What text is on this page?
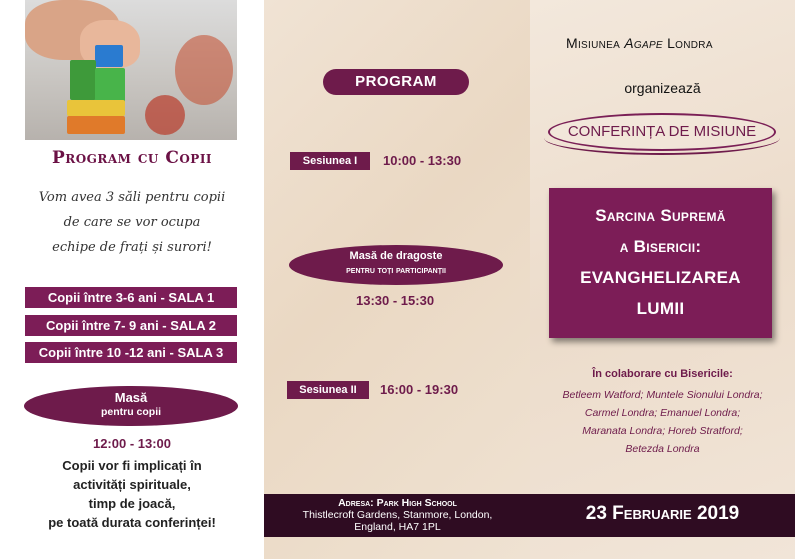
Program cu Copii
Vom avea 3 săli pentru copii
de care se vor ocupa
echipe de frați și surori!
Copii între 3-6 ani - SALA 1
Copii între 7- 9 ani - SALA 2
Copii între 10 -12 ani - SALA 3
Masă
pentru copii
12:00 - 13:00
Copii vor fi implicați în
activități spirituale,
timp de joacă,
pe toată durata conferinței!
PROGRAM
Sesiunea I	10:00 - 13:30
Masă de dragoste
pentru toți participanții
13:30 - 15:30
Sesiunea II	16:00 - 19:30
Misiunea Agape Londra
organizează
CONFERINȚA DE MISIUNE
Sarcina Supremă
a Bisericii:
EVANGHELIZAREA
LUMII
În colaborare cu Bisericile:
Betleem Watford; Muntele Sionului Londra;
Carmel Londra; Emanuel Londra;
Maranata Londra; Horeb Stratford;
Betezda Londra
Adresa: Park High School
Thistlecroft Gardens, Stanmore, London,
England, HA7 1PL
23 Februarie 2019
